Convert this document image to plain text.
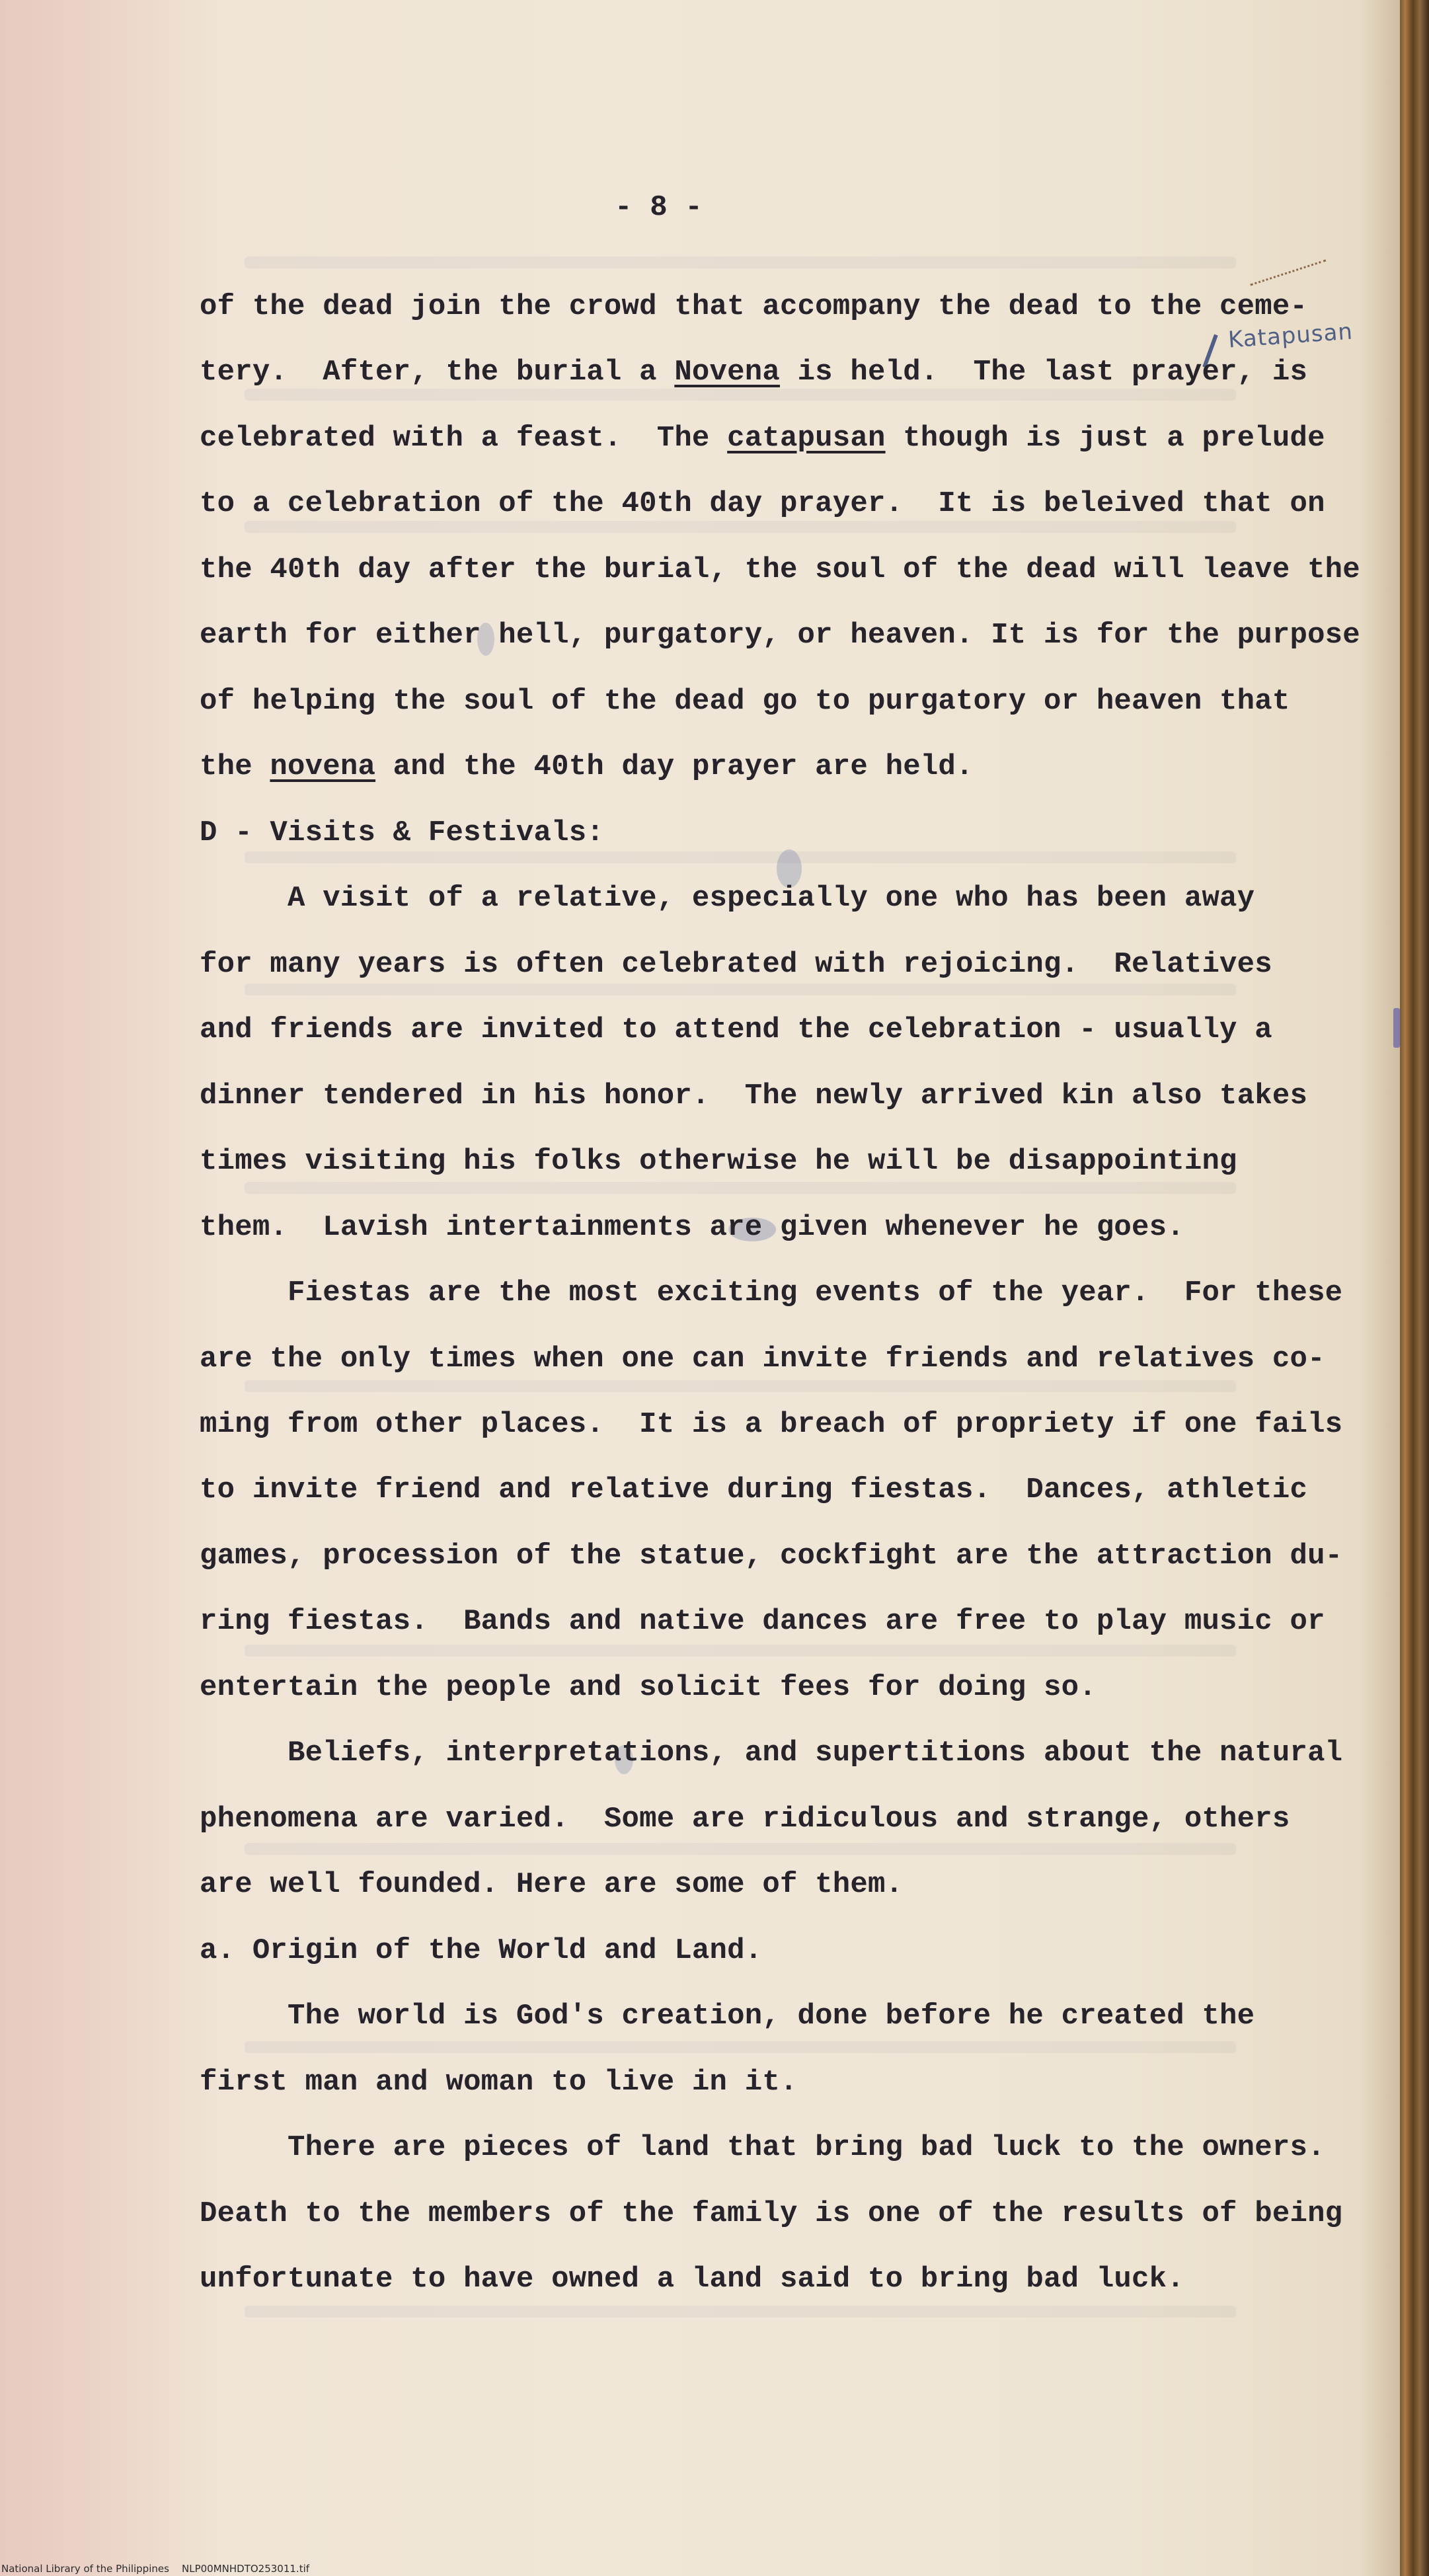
- 8 -
Katapusan
of the dead join the crowd that accompany the dead to the ceme-
tery.  After, the burial a Novena is held.  The last prayer, is
celebrated with a feast.  The catapusan though is just a prelude
to a celebration of the 40th day prayer.  It is beleived that on
the 40th day after the burial, the soul of the dead will leave the
earth for either hell, purgatory, or heaven. It is for the purpose
of helping the soul of the dead go to purgatory or heaven that
the novena and the 40th day prayer are held.
D - Visits & Festivals:
A visit of a relative, especially one who has been away
for many years is often celebrated with rejoicing.  Relatives
and friends are invited to attend the celebration - usually a
dinner tendered in his honor.  The newly arrived kin also takes
times visiting his folks otherwise he will be disappointing
them.  Lavish intertainments are given whenever he goes.
Fiestas are the most exciting events of the year.  For these
are the only times when one can invite friends and relatives co-
ming from other places.  It is a breach of propriety if one fails
to invite friend and relative during fiestas.  Dances, athletic
games, procession of the statue, cockfight are the attraction du-
ring fiestas.  Bands and native dances are free to play music or
entertain the people and solicit fees for doing so.
Beliefs, interpretations, and supertitions about the natural
phenomena are varied.  Some are ridiculous and strange, others
are well founded. Here are some of them.
a. Origin of the World and Land.
The world is God's creation, done before he created the
first man and woman to live in it.
There are pieces of land that bring bad luck to the owners.
Death to the members of the family is one of the results of being
unfortunate to have owned a land said to bring bad luck.
National Library of the Philippines    NLP00MNHDTO253011.tif
